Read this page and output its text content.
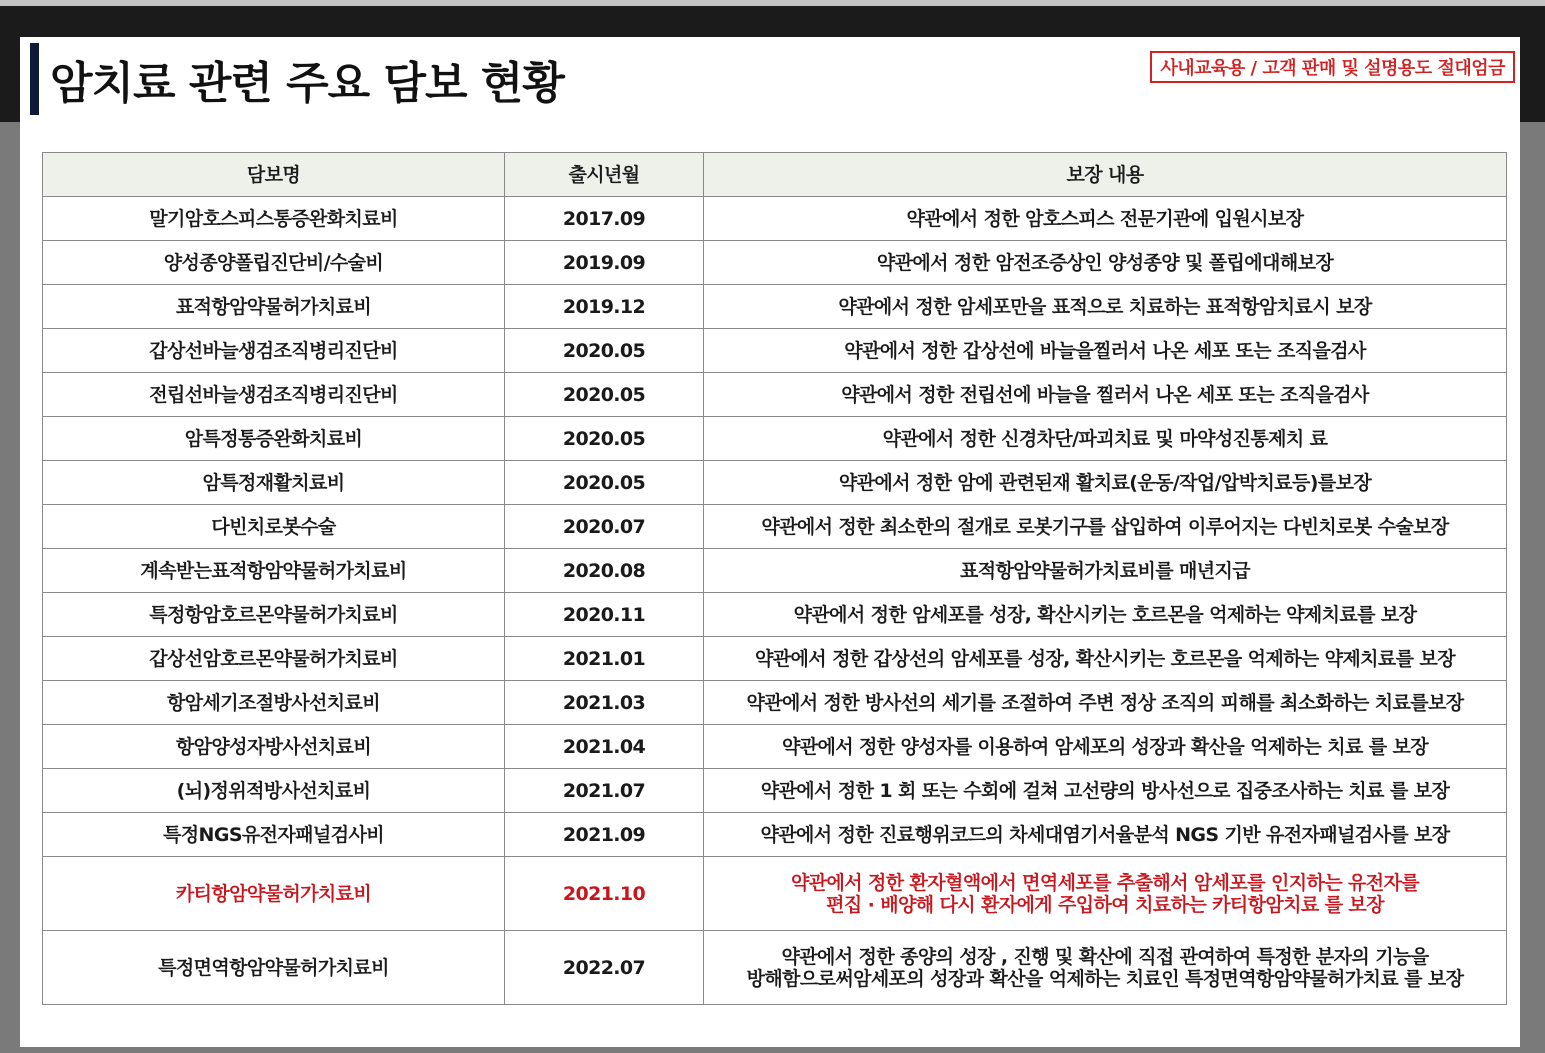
암치료 관련 주요 담보 현황	사내교육용 / 고객 판매 및 설명용도 절대엄금
담보명	출시년월	보장 내용
말기암호스피스통증완화치료비	2017.09	약관에서 정한 암호스피스 전문기관에 입원시보장
양성종양폴립진단비/수술비	2019.09	약관에서 정한 암전조증상인 양성종양 및 폴립에대해보장
표적항암약물허가치료비	2019.12	약관에서 정한 암세포만을 표적으로 치료하는 표적항암치료시 보장
갑상선바늘생검조직병리진단비	2020.05	약관에서 정한 갑상선에 바늘을찔러서 나온 세포 또는 조직을검사
전립선바늘생검조직병리진단비	2020.05	약관에서 정한 전립선에 바늘을 찔러서 나온 세포 또는 조직을검사
암특정통증완화치료비	2020.05	약관에서 정한 신경차단/파괴치료 및 마약성진통제치 료
암특정재활치료비	2020.05	약관에서 정한 암에 관련된재 활치료(운동/작업/압박치료등)를보장
다빈치로봇수술	2020.07	약관에서 정한 최소한의 절개로 로봇기구를 삽입하여 이루어지는 다빈치로봇 수술보장
계속받는표적항암약물허가치료비	2020.08	표적항암약물허가치료비를 매년지급
특정항암호르몬약물허가치료비	2020.11	약관에서 정한 암세포를 성장, 확산시키는 호르몬을 억제하는 약제치료를 보장
갑상선암호르몬약물허가치료비	2021.01	약관에서 정한 갑상선의 암세포를 성장, 확산시키는 호르몬을 억제하는 약제치료를 보장
항암세기조절방사선치료비	2021.03	약관에서 정한 방사선의 세기를 조절하여 주변 정상 조직의 피해를 최소화하는 치료를보장
항암양성자방사선치료비	2021.04	약관에서 정한 양성자를 이용하여 암세포의 성장과 확산을 억제하는 치료 를 보장
(뇌)정위적방사선치료비	2021.07	약관에서 정한 1 회 또는 수회에 걸쳐 고선량의 방사선으로 집중조사하는 치료 를 보장
특정NGS유전자패널검사비	2021.09	약관에서 정한 진료행위코드의 차세대염기서율분석 NGS 기반 유전자패널검사를 보장
카티항암약물허가치료비	2021.10	약관에서 정한 환자혈액에서 면역세포를 추출해서 암세포를 인지하는 유전자를
편집 · 배양해 다시 환자에게 주입하여 치료하는 카티항암치료 를 보장

특정면역항암약물허가치료비	2022.07	약관에서 정한 종양의 성장 , 진행 및 확산에 직접 관여하여 특정한 분자의 기능을
방해함으로써암세포의 성장과 확산을 억제하는 치료인 특정면역항암약물허가치료 를 보장
